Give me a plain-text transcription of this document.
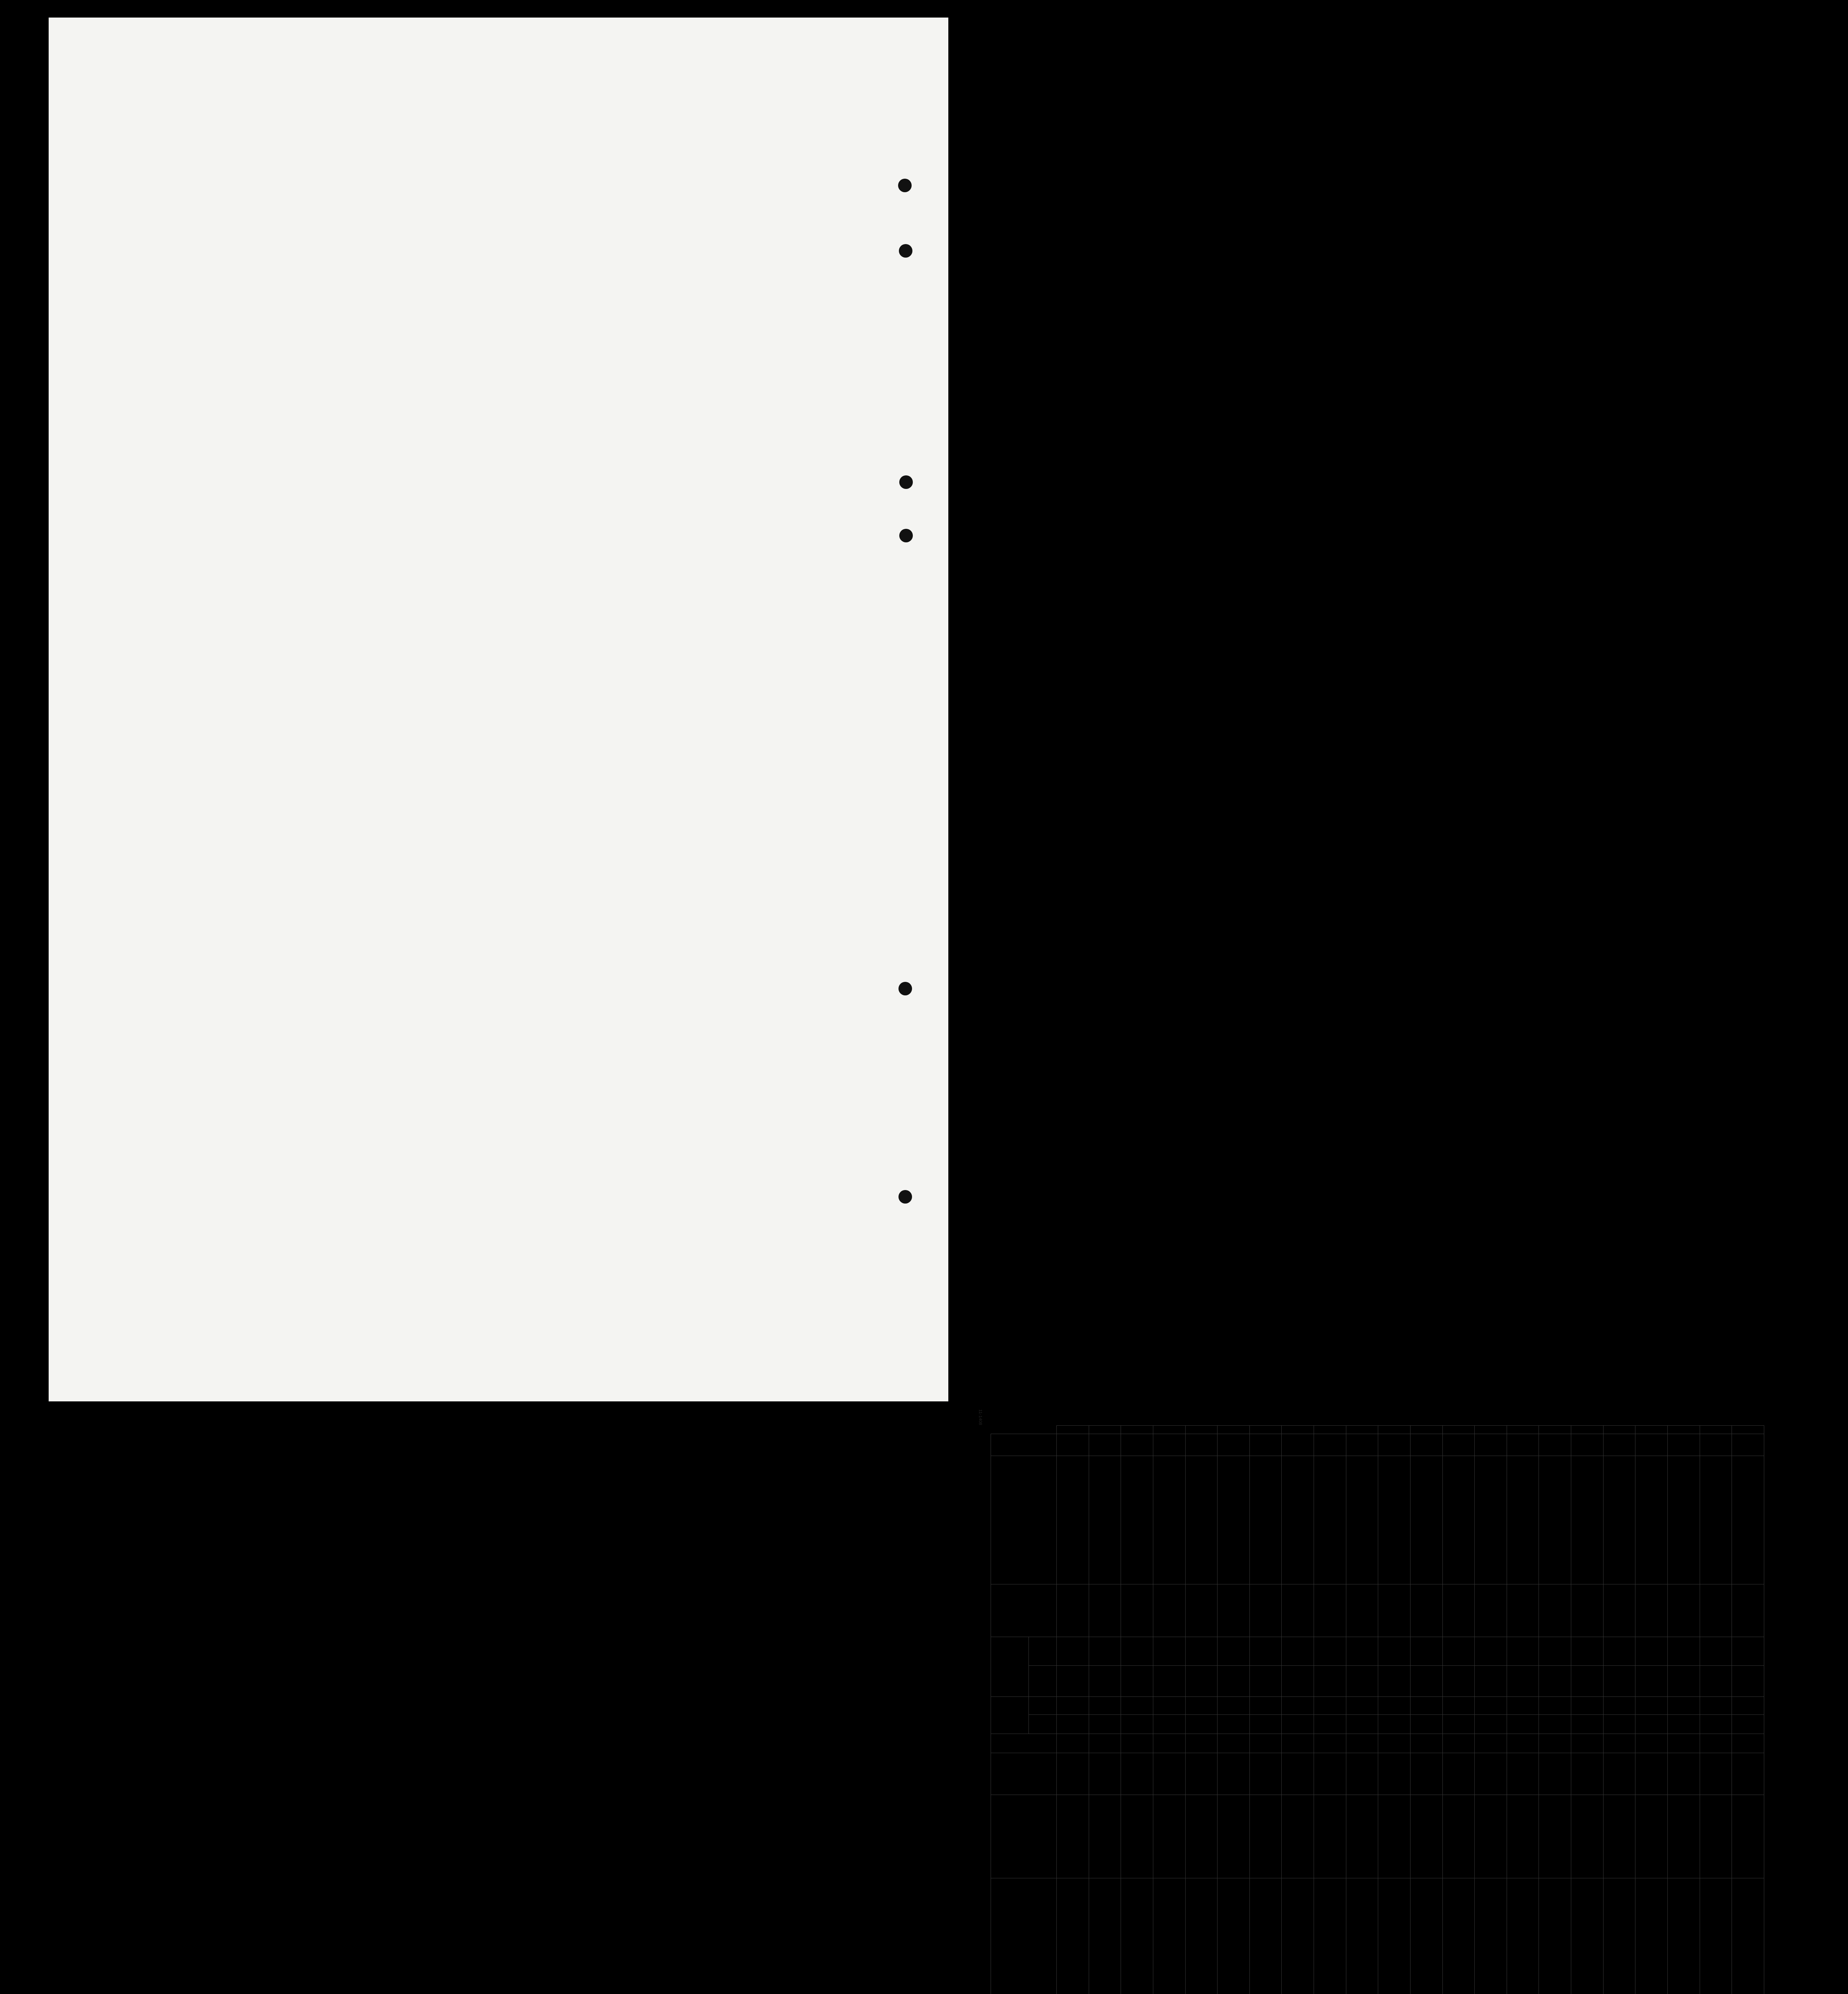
	NAME OF SEAMAN	BIRTHPLACE	CITIZEN OR SUBJECT OF	AGE	HEIGHT		DESCRIPTION		CAPACITY	NAME AND ADDRESS OF NEXT OF KIN	LINE No.	
					Feet	In.	Com- plexion	Hair				
												39
												40
												41
												42
												43
												44
												45
												46
												47
												48
												49
												50
												51
												52
												53
												54
												55
												56
												57
												58
												59
												60
11-1408
